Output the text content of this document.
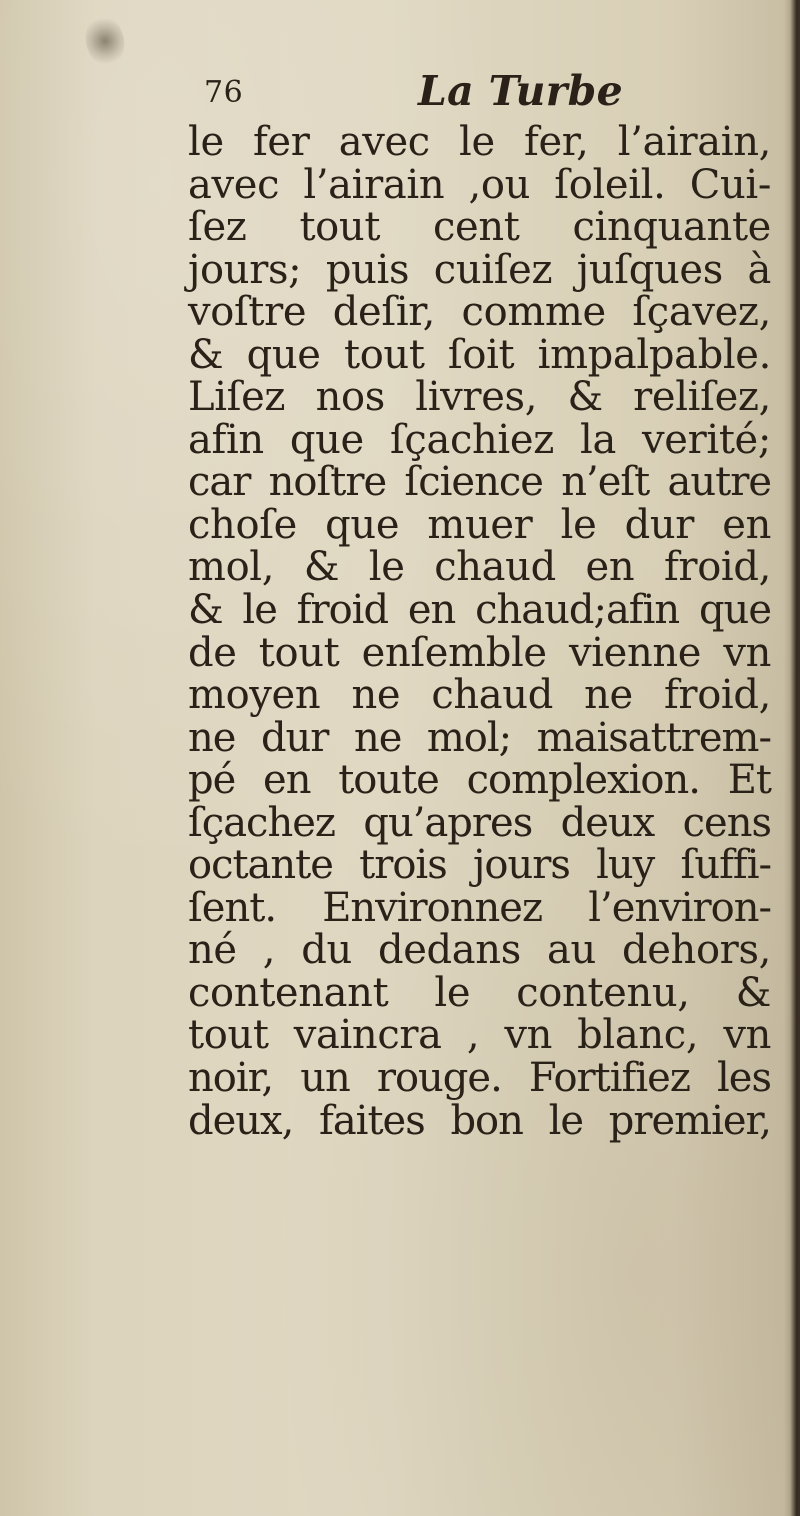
76	La Turbe
le fer avec le fer, l’airain,
avec l’airain ,ou ſoleil. Cui-
ſez tout cent cinquante
jours; puis cuiſez juſques à
voſtre deſir, comme ſçavez,
& que tout ſoit impalpable.
Liſez nos livres, & reliſez,
afin que ſçachiez la verité;
car noſtre ſcience n’eſt autre
choſe que muer le dur en
mol, & le chaud en froid,
& le froid en chaud;afin que
de tout enſemble vienne vn
moyen ne chaud ne froid,
ne dur ne mol; maisattrem-
pé en toute complexion. Et
ſçachez qu’apres deux cens
octante trois jours luy ſuffi-
ſent. Environnez l’environ-
né , du dedans au dehors,
contenant le contenu, &
tout vaincra , vn blanc, vn
noir, un rouge. Fortifiez les
deux, faites bon le premier,
